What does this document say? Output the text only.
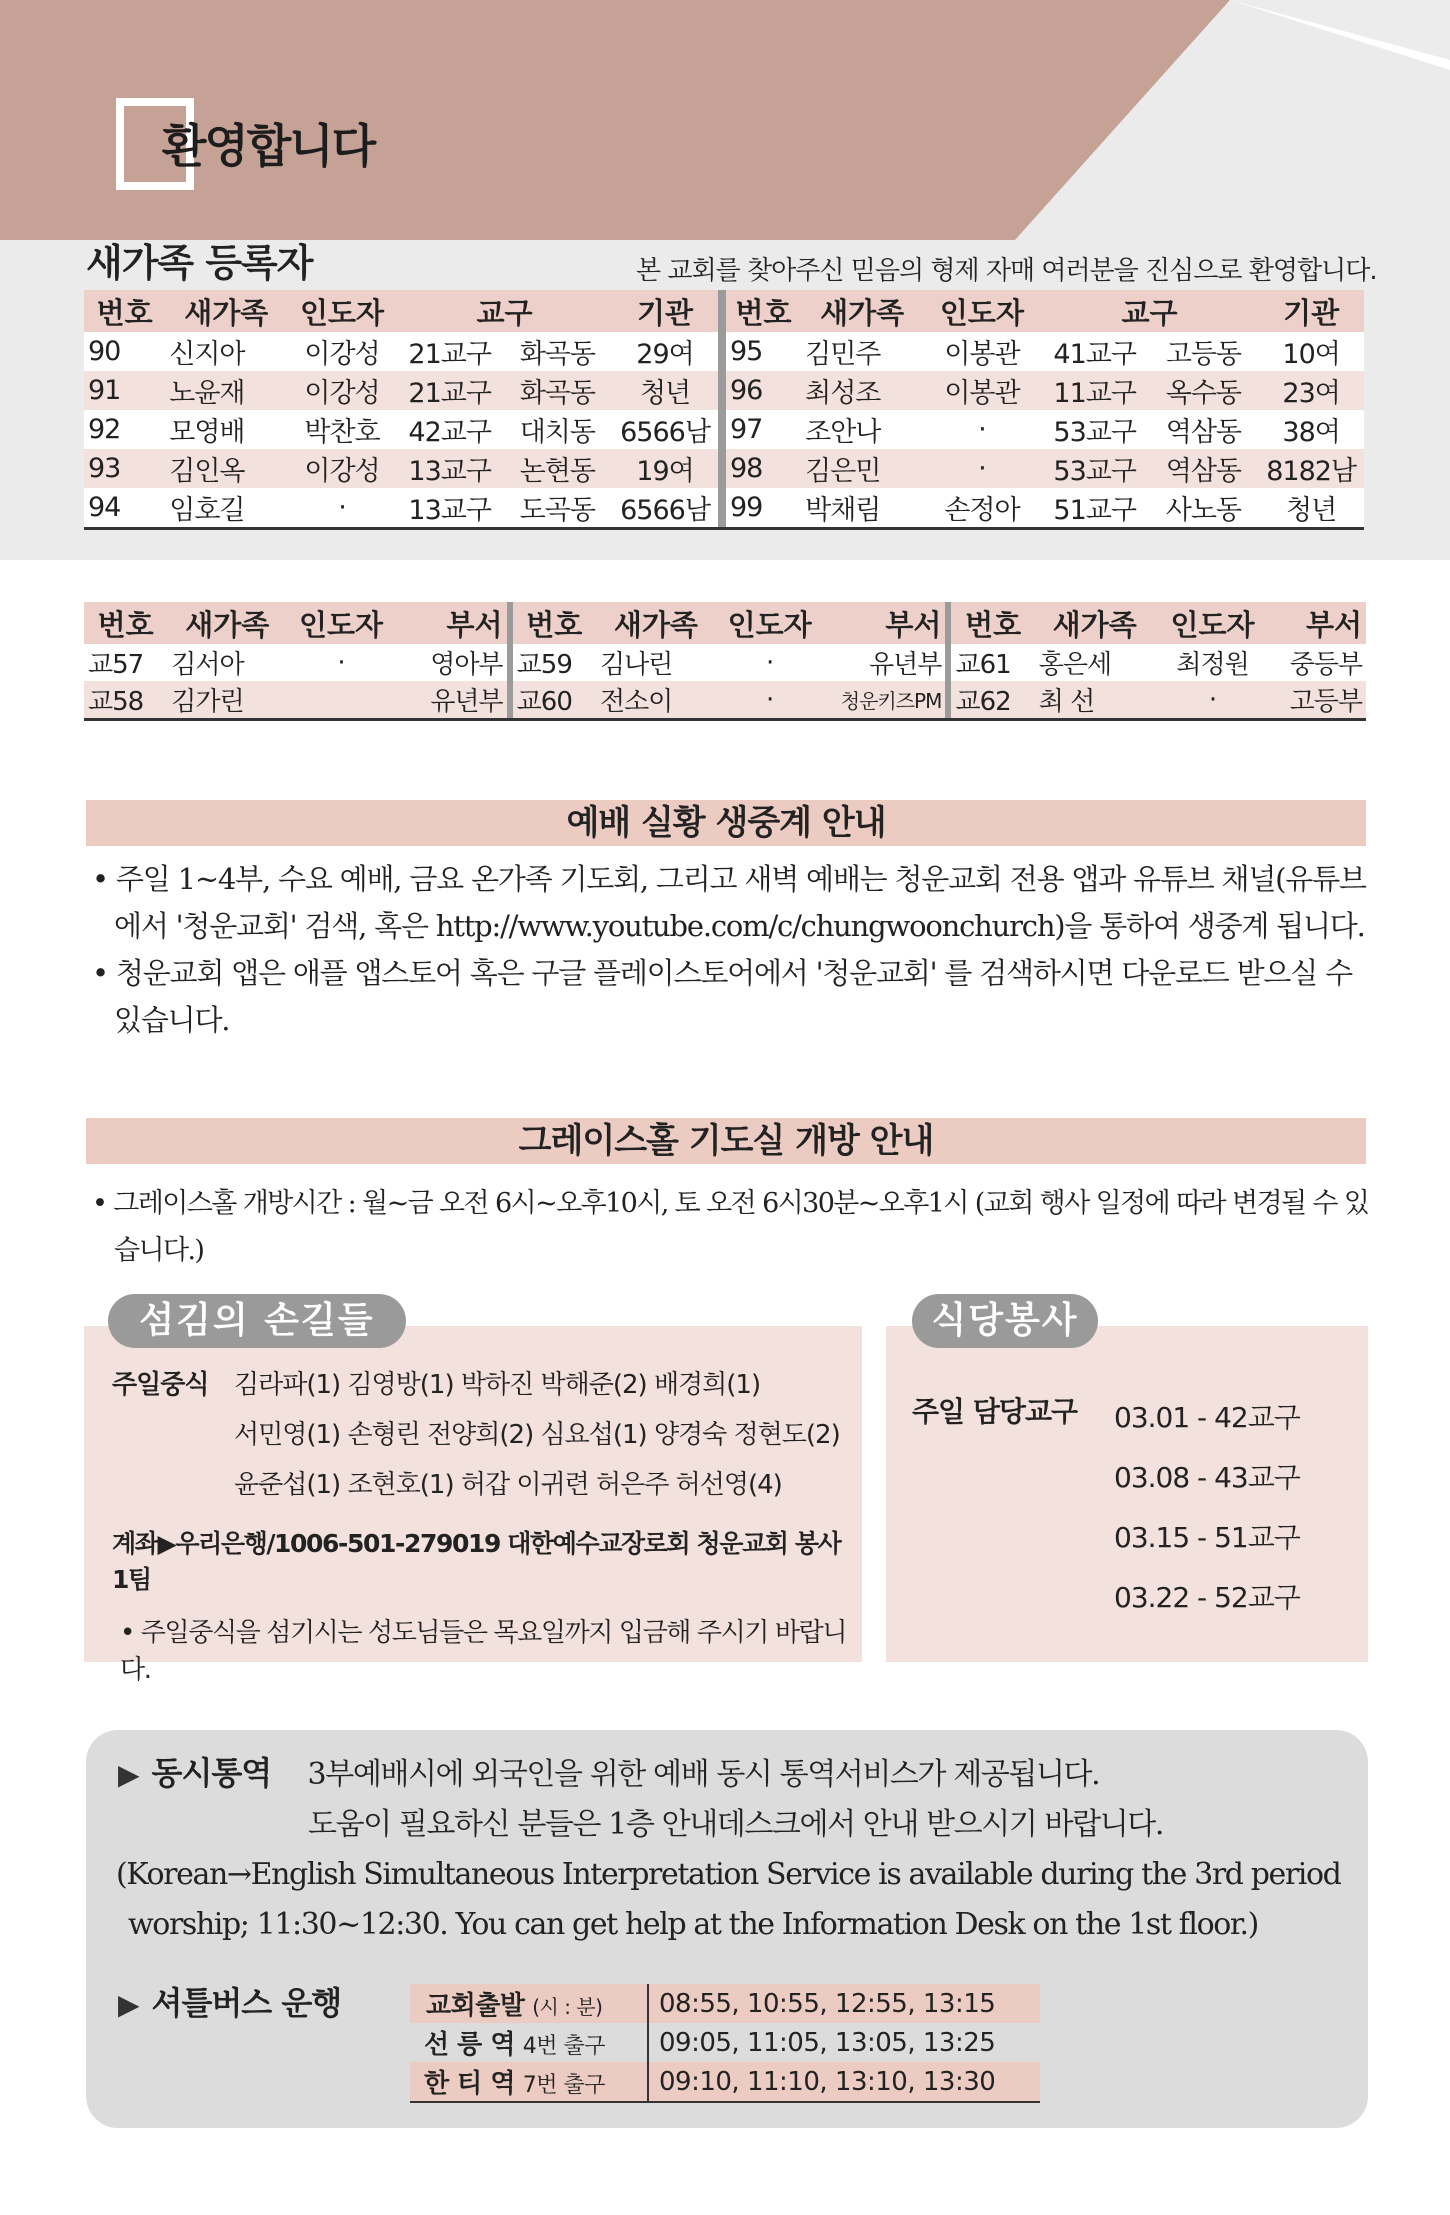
환영합니다
새가족 등록자	본 교회를 찾아주신 믿음의 형제 자매 여러분을 진심으로 환영합니다.
번호	새가족	인도자	교구		기관		번호	새가족	인도자	교구		기관
90	신지아	이강성	21교구	화곡동	29여		95	김민주	이봉관	41교구	고등동	10여
91	노윤재	이강성	21교구	화곡동	청년		96	최성조	이봉관	11교구	옥수동	23여
92	모영배	박찬호	42교구	대치동	6566남		97	조안나	·	53교구	역삼동	38여
93	김인옥	이강성	13교구	논현동	19여		98	김은민	·	53교구	역삼동	8182남
94	임호길	·	13교구	도곡동	6566남		99	박채림	손정아	51교구	사노동	청년
번호	새가족	인도자	부서		번호	새가족	인도자	부서		번호	새가족	인도자	부서
교57	김서아	·	영아부		교59	김나린	·	유년부		교61	홍은세	최정원	중등부
교58	김가린		유년부		교60	전소이	·	청운키즈PM		교62	최 선	·	고등부
예배 실황 생중계 안내

• 주일 1~4부, 수요 예배, 금요 온가족 기도회, 그리고 새벽 예배는 청운교회 전용 앱과 유튜브 채널(유튜브에서 '청운교회' 검색, 혹은 http://www.youtube.com/c/chungwoonchurch)을 통하여 생중계 됩니다.

• 청운교회 앱은 애플 앱스토어 혹은 구글 플레이스토어에서 '청운교회' 를 검색하시면 다운로드 받으실 수 있습니다.

그레이스홀 기도실 개방 안내

• 그레이스홀 개방시간 : 월~금 오전 6시~오후10시, 토 오전 6시30분~오후1시 (교회 행사 일정에 따라 변경될 수 있습니다.)

섬김의 손길들
주일중식 김라파(1) 김영방(1) 박하진 박해준(2) 배경희(1)
서민영(1) 손형린 전양희(2) 심요섭(1) 양경숙 정현도(2)
윤준섭(1) 조현호(1) 허갑 이귀련 허은주 허선영(4)
계좌▶우리은행/1006-501-279019 대한예수교장로회 청운교회 봉사1팀
• 주일중식을 섬기시는 성도님들은 목요일까지 입금해 주시기 바랍니다.
식당봉사
주일 담당교구 03.01 - 42교구
03.08 - 43교구
03.15 - 51교구
03.22 - 52교구
▶ 동시통역	3부예배시에 외국인을 위한 예배 동시 통역서비스가 제공됩니다.
도움이 필요하신 분들은 1층 안내데스크에서 안내 받으시기 바랍니다.
(Korean→English Simultaneous Interpretation Service is available during the 3rd period
worship; 11:30~12:30. You can get help at the Information Desk on the 1st floor.)
▶ 셔틀버스 운행	교회출발 (시 : 분)	08:55, 10:55, 12:55, 13:15
선 릉 역 4번 출구	09:05, 11:05, 13:05, 13:25
한 티 역 7번 출구	09:10, 11:10, 13:10, 13:30
